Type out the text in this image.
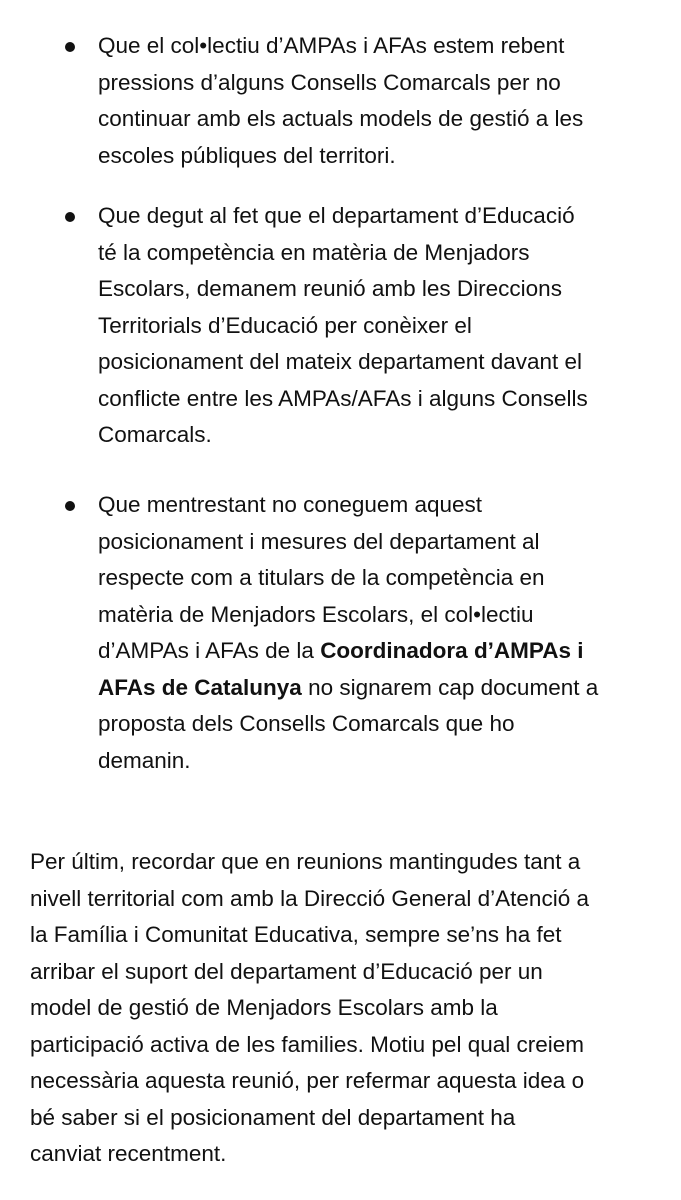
Que el col•lectiu d’AMPAs i AFAs estem rebent
pressions d’alguns Consells Comarcals per no
continuar amb els actuals models de gestió a les
escoles públiques del territori.

Que degut al fet que el departament d’Educació
té la competència en matèria de Menjadors
Escolars, demanem reunió amb les Direccions
Territorials d’Educació per conèixer el
posicionament del mateix departament davant el
conflicte entre les AMPAs/AFAs i alguns Consells
Comarcals.

Que mentrestant no coneguem aquest
posicionament i mesures del departament al
respecte com a titulars de la competència en
matèria de Menjadors Escolars, el col•lectiu
d’AMPAs i AFAs de la Coordinadora d’AMPAs i
AFAs de Catalunya no signarem cap document a
proposta dels Consells Comarcals que ho
demanin.

Per últim, recordar que en reunions mantingudes tant a
nivell territorial com amb la Direcció General d’Atenció a
la Família i Comunitat Educativa, sempre se’ns ha fet
arribar el suport del departament d’Educació per un
model de gestió de Menjadors Escolars amb la
participació activa de les families. Motiu pel qual creiem
necessària aquesta reunió, per refermar aquesta idea o
bé saber si el posicionament del departament ha
canviat recentment.
